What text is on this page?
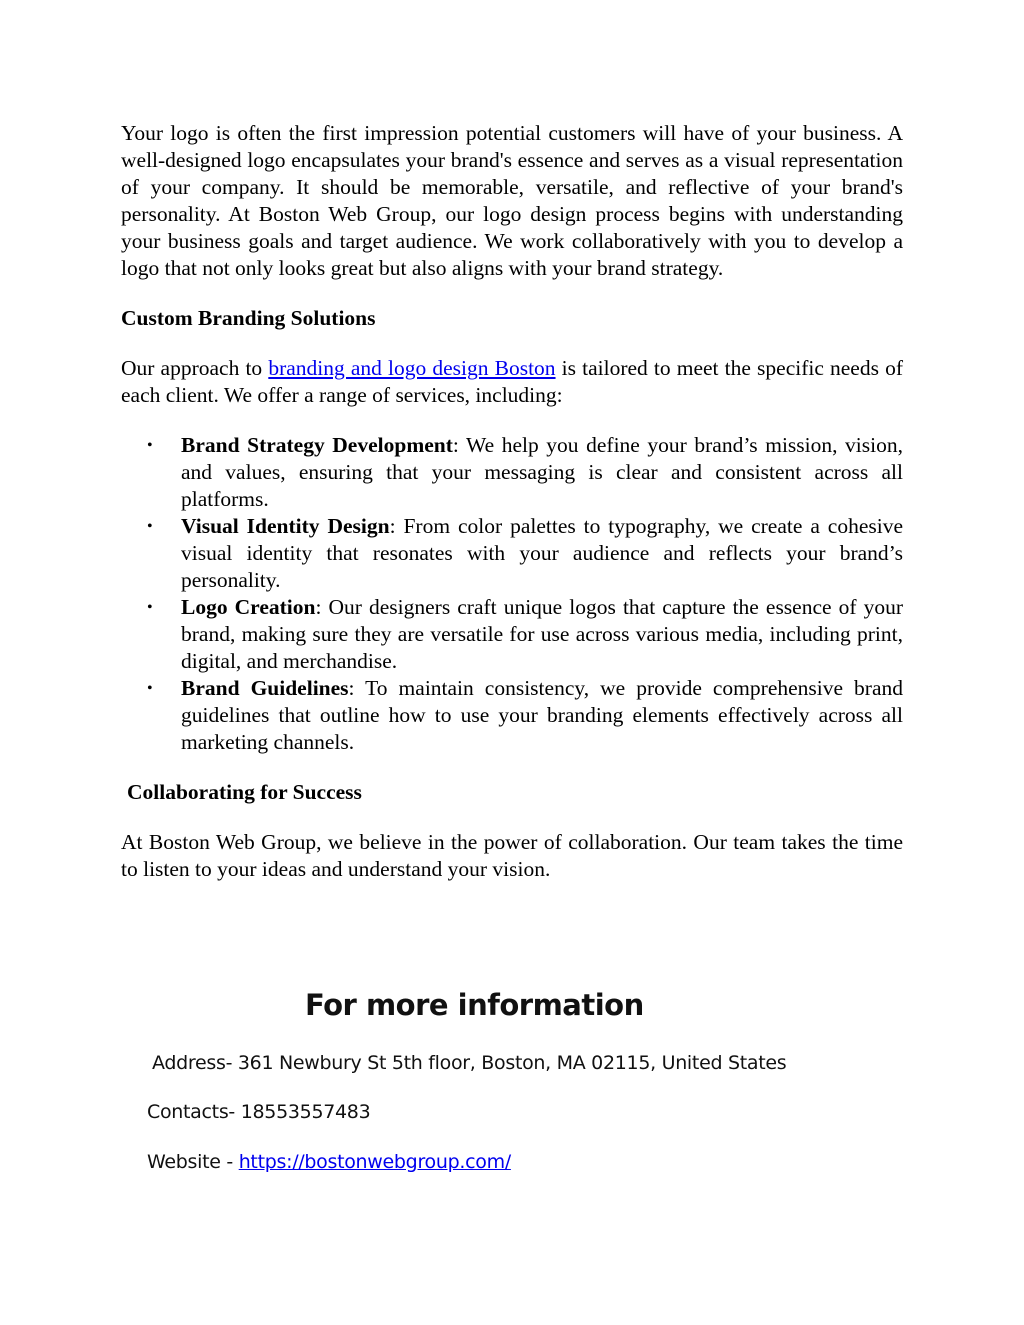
Your logo is often the first impression potential customers will have of your business. A well-designed logo encapsulates your brand's essence and serves as a visual representation of your company. It should be memorable, versatile, and reflective of your brand's personality. At Boston Web Group, our logo design process begins with understanding your business goals and target audience. We work collaboratively with you to develop a logo that not only looks great but also aligns with your brand strategy.

Custom Branding Solutions

Our approach to branding and logo design Boston is tailored to meet the specific needs of each client. We offer a range of services, including:

• Brand Strategy Development: We help you define your brand’s mission, vision, and values, ensuring that your messaging is clear and consistent across all platforms.
• Visual Identity Design: From color palettes to typography, we create a cohesive visual identity that resonates with your audience and reflects your brand’s personality.
• Logo Creation: Our designers craft unique logos that capture the essence of your brand, making sure they are versatile for use across various media, including print, digital, and merchandise.
• Brand Guidelines: To maintain consistency, we provide comprehensive brand guidelines that outline how to use your branding elements effectively across all marketing channels.

Collaborating for Success

At Boston Web Group, we believe in the power of collaboration. Our team takes the time to listen to your ideas and understand your vision.

For more information

Address- 361 Newbury St 5th floor, Boston, MA 02115, United States

Contacts- 18553557483

Website - https://bostonwebgroup.com/
